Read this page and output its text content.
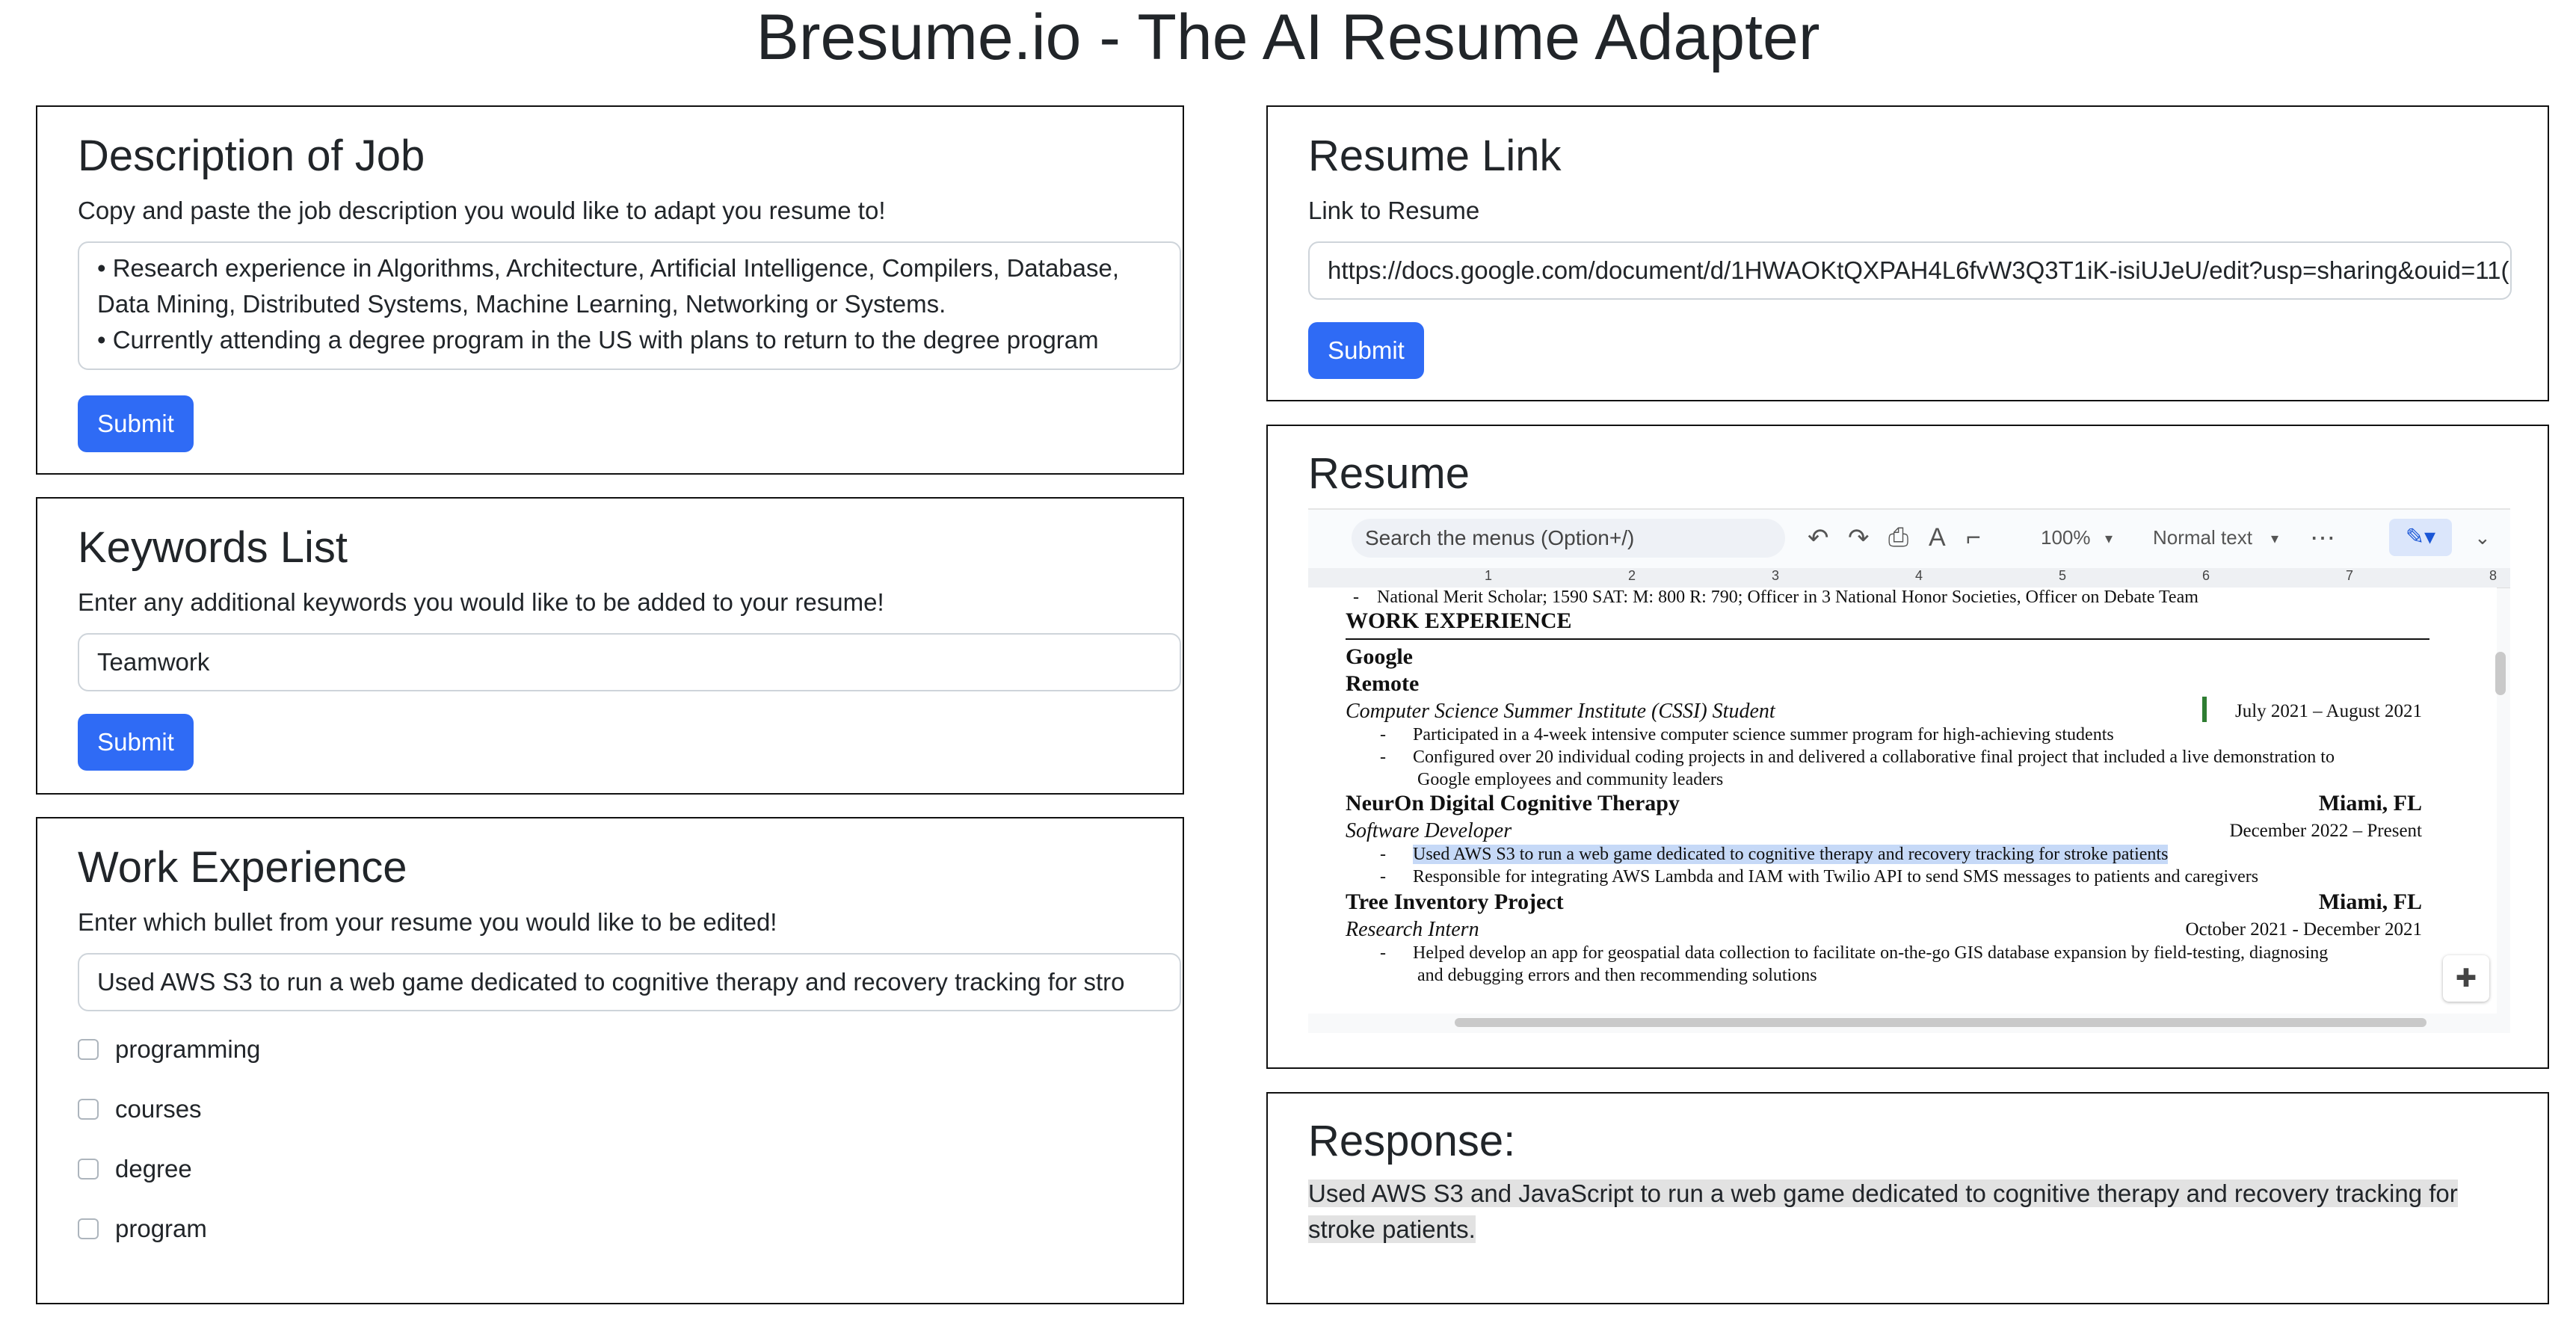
Bresume.io - The AI Resume Adapter
Description of Job
Copy and paste the job description you would like to adapt you resume to!
• Research experience in Algorithms, Architecture, Artificial Intelligence, Compilers, Database,
Data Mining, Distributed Systems, Machine Learning, Networking or Systems.
• Currently attending a degree program in the US with plans to return to the degree program
Submit
Keywords List
Enter any additional keywords you would like to be added to your resume!
Teamwork
Submit
Work Experience
Enter which bullet from your resume you would like to be edited!
Used AWS S3 to run a web game dedicated to cognitive therapy and recovery tracking for stro
programming
courses
degree
program
Resume Link
Link to Resume
https://docs.google.com/document/d/1HWAOKtQXPAH4L6fvW3Q3T1iK-isiUJeU/edit?usp=sharing&ouid=11(
Submit
Resume
Search the menus (Option+/)	↶ ↷ ⎙ A ⌐	100% ▾ Normal text ▾ ⋯	✎▾	⌄
1	2	3	4	5	6	7	8
- National Merit Scholar; 1590 SAT: M: 800 R: 790; Officer in 3 National Honor Societies, Officer on Debate Team
WORK EXPERIENCE
Google
Remote
Computer Science Summer Institute (CSSI) Student	July 2021 – August 2021
- Participated in a 4-week intensive computer science summer program for high-achieving students
- Configured over 20 individual coding projects in and delivered a collaborative final project that included a live demonstration to
Google employees and community leaders
NeurOn Digital Cognitive Therapy	Miami, FL
Software Developer	December 2022 – Present
- Used AWS S3 to run a web game dedicated to cognitive therapy and recovery tracking for stroke patients
- Responsible for integrating AWS Lambda and IAM with Twilio API to send SMS messages to patients and caregivers
Tree Inventory Project	Miami, FL
Research Intern	October 2021 - December 2021
- Helped develop an app for geospatial data collection to facilitate on-the-go GIS database expansion by field-testing, diagnosing
and debugging errors and then recommending solutions	✚
Response:
Used AWS S3 and JavaScript to run a web game dedicated to cognitive therapy and recovery tracking for
stroke patients.
